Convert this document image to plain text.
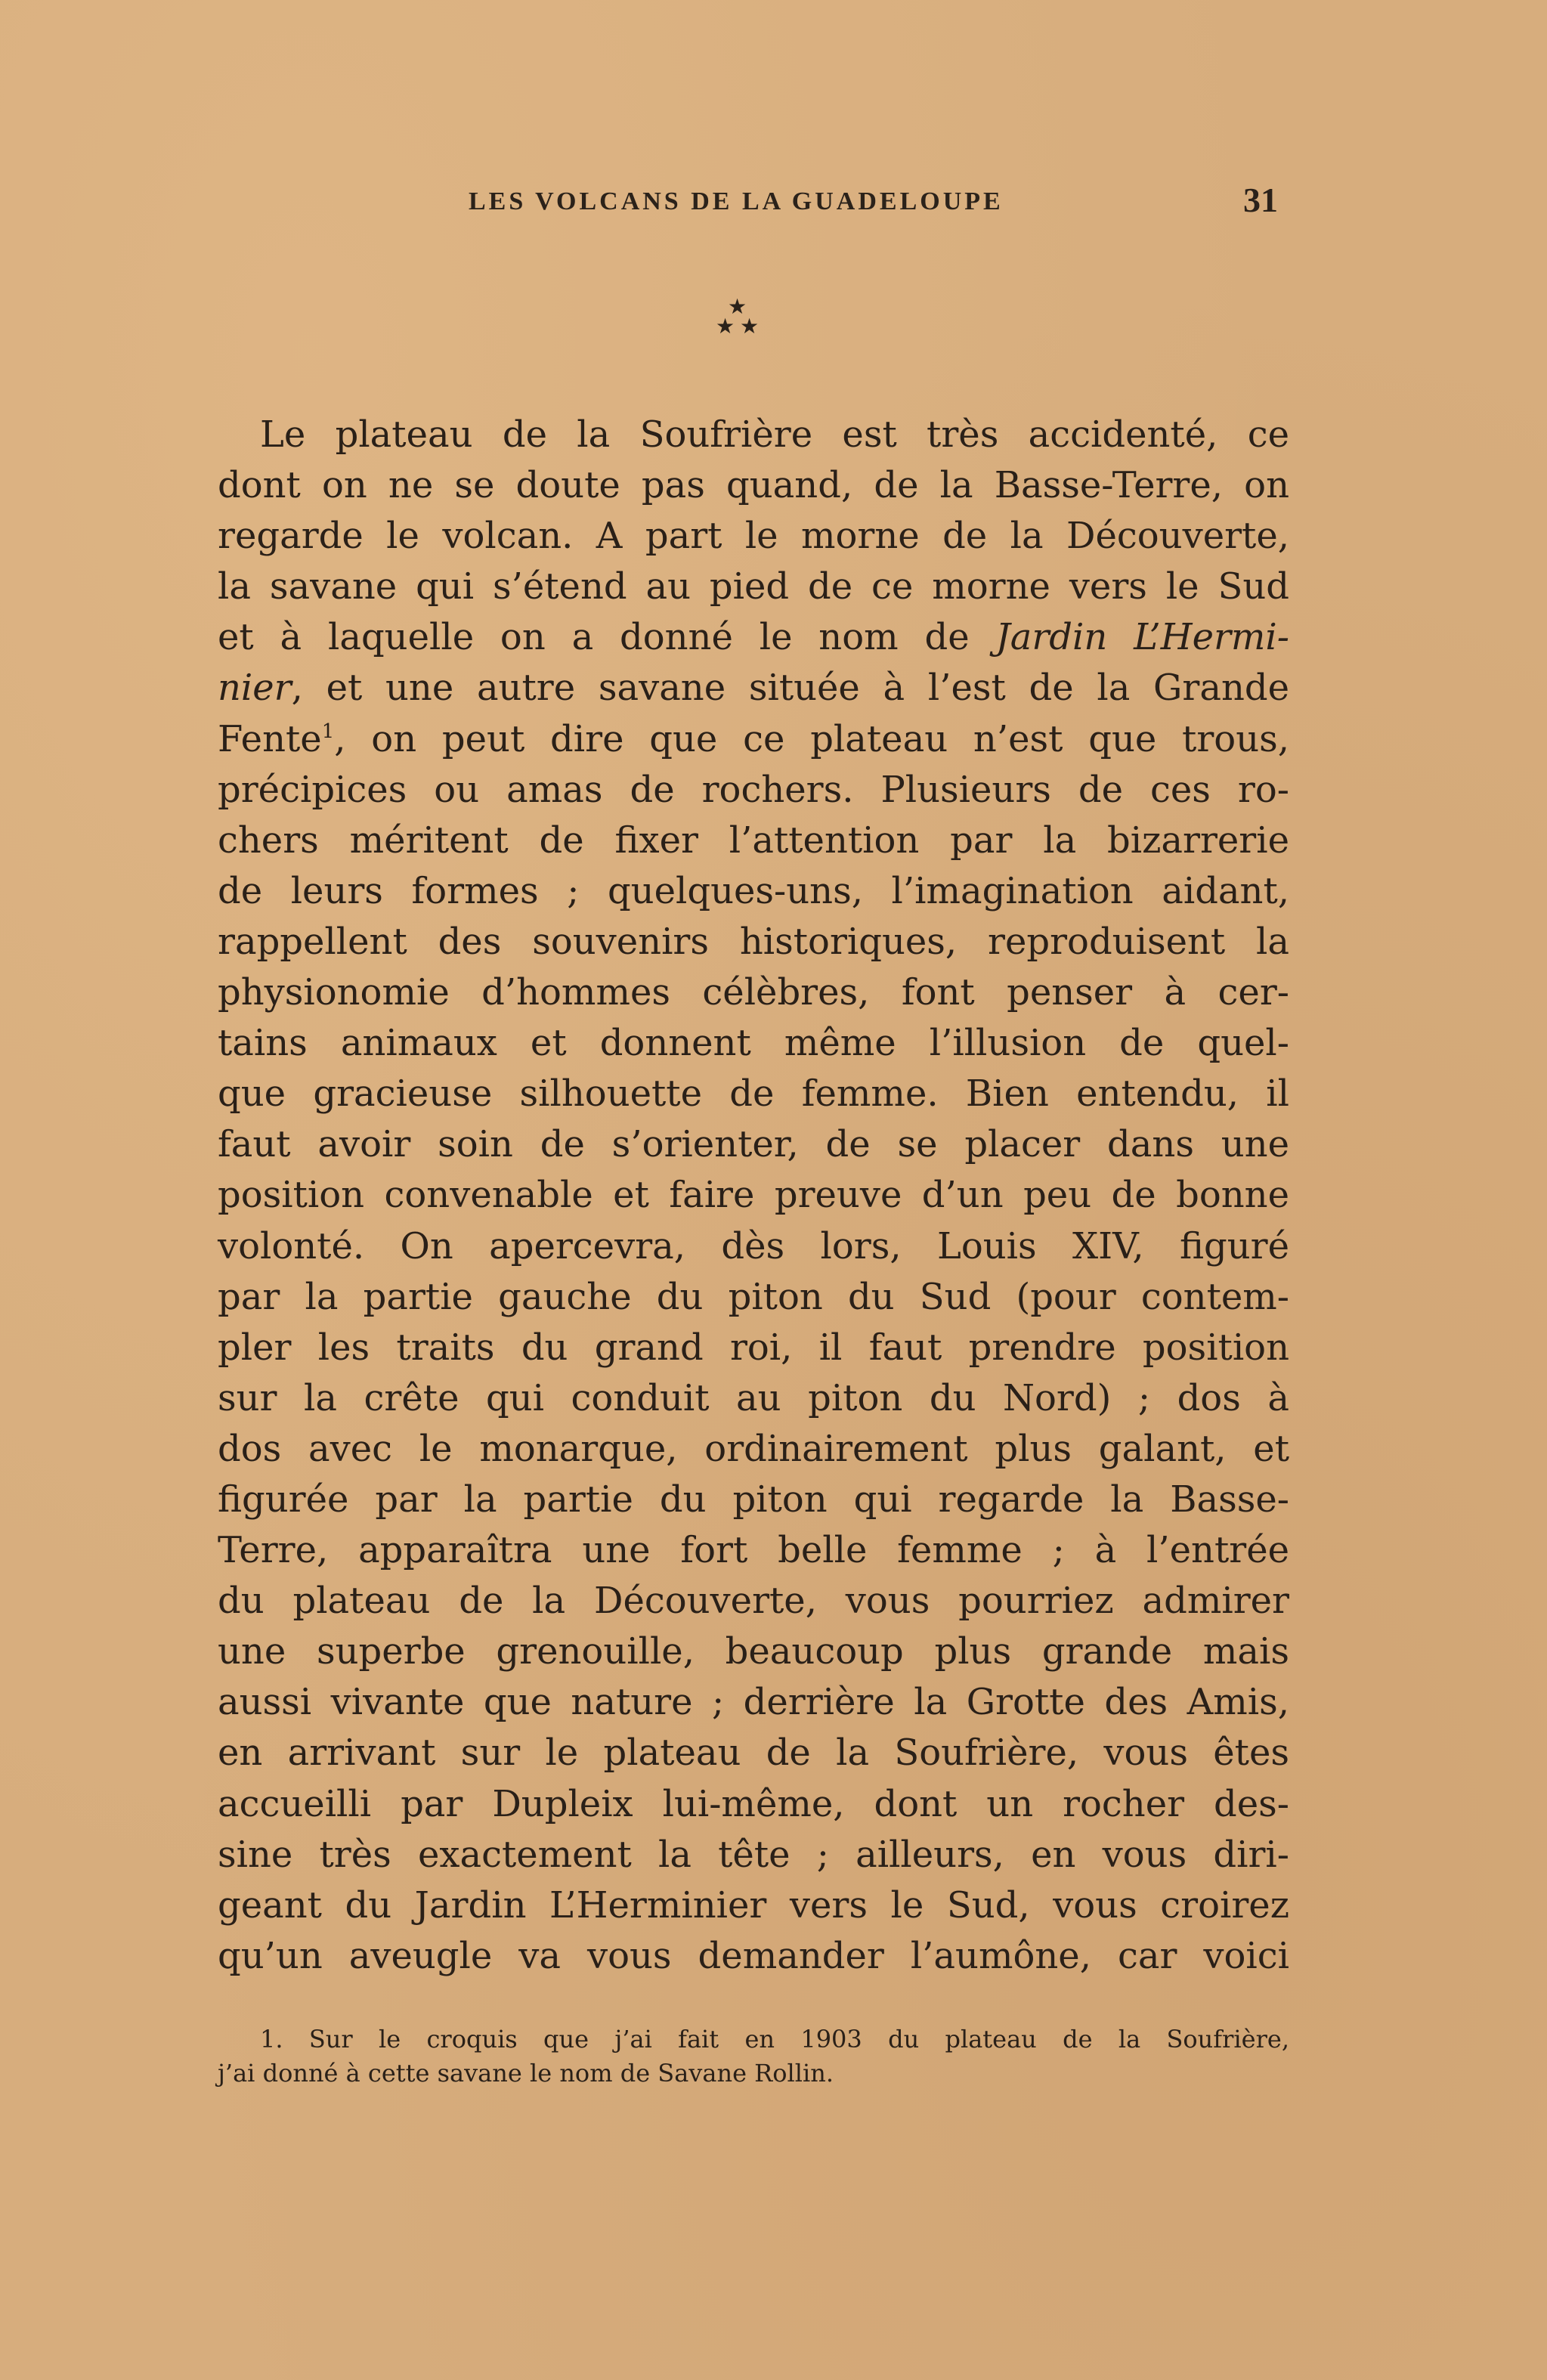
LES VOLCANS DE LA GUADELOUPE	31
★
★ ★
Le plateau de la Soufrière est très accidenté, ce
dont on ne se doute pas quand, de la Basse-Terre, on
regarde le volcan. A part le morne de la Découverte,
la savane qui s’étend au pied de ce morne vers le Sud
et à laquelle on a donné le nom de Jardin L’Hermi-
nier, et une autre savane située à l’est de la Grande
Fente$^1$, on peut dire que ce plateau n’est que trous,
précipices ou amas de rochers. Plusieurs de ces ro-
chers méritent de fixer l’attention par la bizarrerie
de leurs formes ; quelques-uns, l’imagination aidant,
rappellent des souvenirs historiques, reproduisent la
physionomie d’hommes célèbres, font penser à cer-
tains animaux et donnent même l’illusion de quel-
que gracieuse silhouette de femme. Bien entendu, il
faut avoir soin de s’orienter, de se placer dans une
position convenable et faire preuve d’un peu de bonne
volonté. On apercevra, dès lors, Louis XIV, figuré
par la partie gauche du piton du Sud (pour contem-
pler les traits du grand roi, il faut prendre position
sur la crête qui conduit au piton du Nord) ; dos à
dos avec le monarque, ordinairement plus galant, et
figurée par la partie du piton qui regarde la Basse-
Terre, apparaîtra une fort belle femme ; à l’entrée
du plateau de la Découverte, vous pourriez admirer
une superbe grenouille, beaucoup plus grande mais
aussi vivante que nature ; derrière la Grotte des Amis,
en arrivant sur le plateau de la Soufrière, vous êtes
accueilli par Dupleix lui-même, dont un rocher des-
sine très exactement la tête ; ailleurs, en vous diri-
geant du Jardin L’Herminier vers le Sud, vous croirez
qu’un aveugle va vous demander l’aumône, car voici
1. Sur le croquis que j’ai fait en 1903 du plateau de la Soufrière,
j’ai donné à cette savane le nom de Savane Rollin.
